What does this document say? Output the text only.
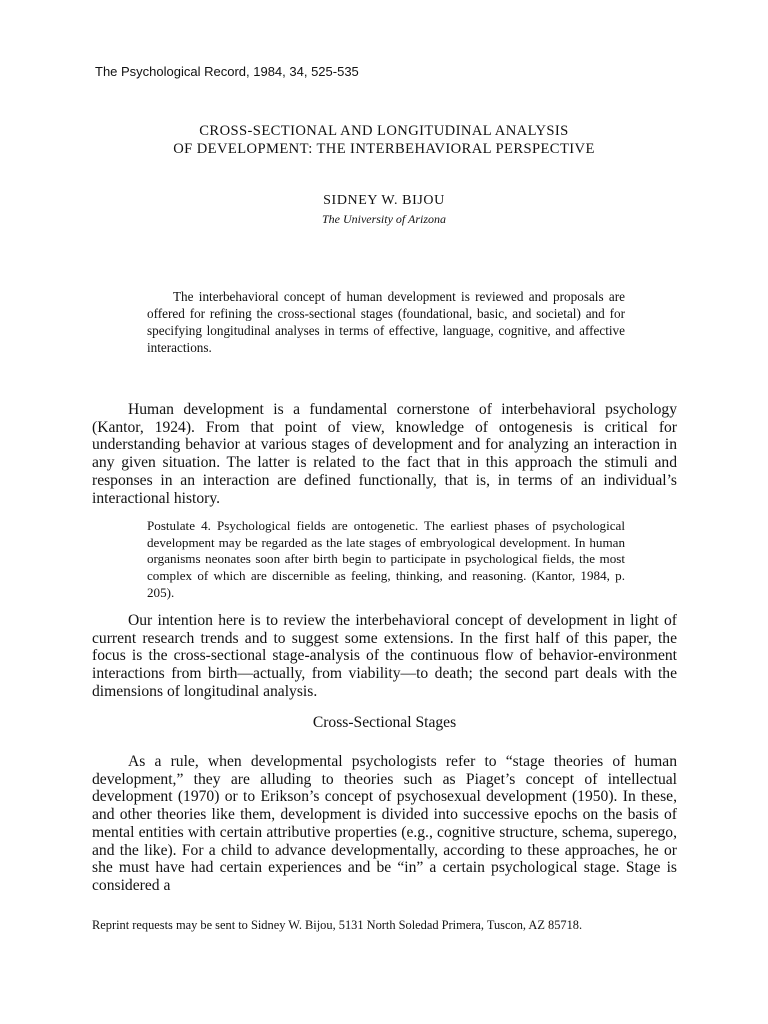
The Psychological Record, 1984, 34, 525-535
CROSS-SECTIONAL AND LONGITUDINAL ANALYSIS
OF DEVELOPMENT: THE INTERBEHAVIORAL PERSPECTIVE
SIDNEY W. BIJOU
The University of Arizona

The interbehavioral concept of human development is reviewed and proposals are offered for refining the cross-sectional stages (foundational, basic, and societal) and for specifying longitudinal analyses in terms of effective, language, cognitive, and affective interactions.

Human development is a fundamental cornerstone of interbehavioral psychology (Kantor, 1924). From that point of view, knowledge of ontogenesis is critical for understanding behavior at various stages of development and for analyzing an interaction in any given situation. The latter is related to the fact that in this approach the stimuli and responses in an interaction are defined functionally, that is, in terms of an individual’s interactional history.

Postulate 4. Psychological fields are ontogenetic. The earliest phases of psychological development may be regarded as the late stages of embryological development. In human organisms neonates soon after birth begin to participate in psychological fields, the most complex of which are discernible as feeling, thinking, and reasoning. (Kantor, 1984, p. 205).

Our intention here is to review the interbehavioral concept of development in light of current research trends and to suggest some extensions. In the first half of this paper, the focus is the cross-sectional stage-analysis of the continuous flow of behavior-environment interactions from birth—actually, from viability—to death; the second part deals with the dimensions of longitudinal analysis.

Cross-Sectional Stages

As a rule, when developmental psychologists refer to “stage theories of human development,” they are alluding to theories such as Piaget’s concept of intellectual development (1970) or to Erikson’s concept of psychosexual development (1950). In these, and other theories like them, development is divided into successive epochs on the basis of mental entities with certain attributive properties (e.g., cognitive structure, schema, superego, and the like). For a child to advance developmentally, according to these approaches, he or she must have had certain experiences and be “in” a certain psychological stage. Stage is considered a

Reprint requests may be sent to Sidney W. Bijou, 5131 North Soledad Primera, Tuscon, AZ 85718.
